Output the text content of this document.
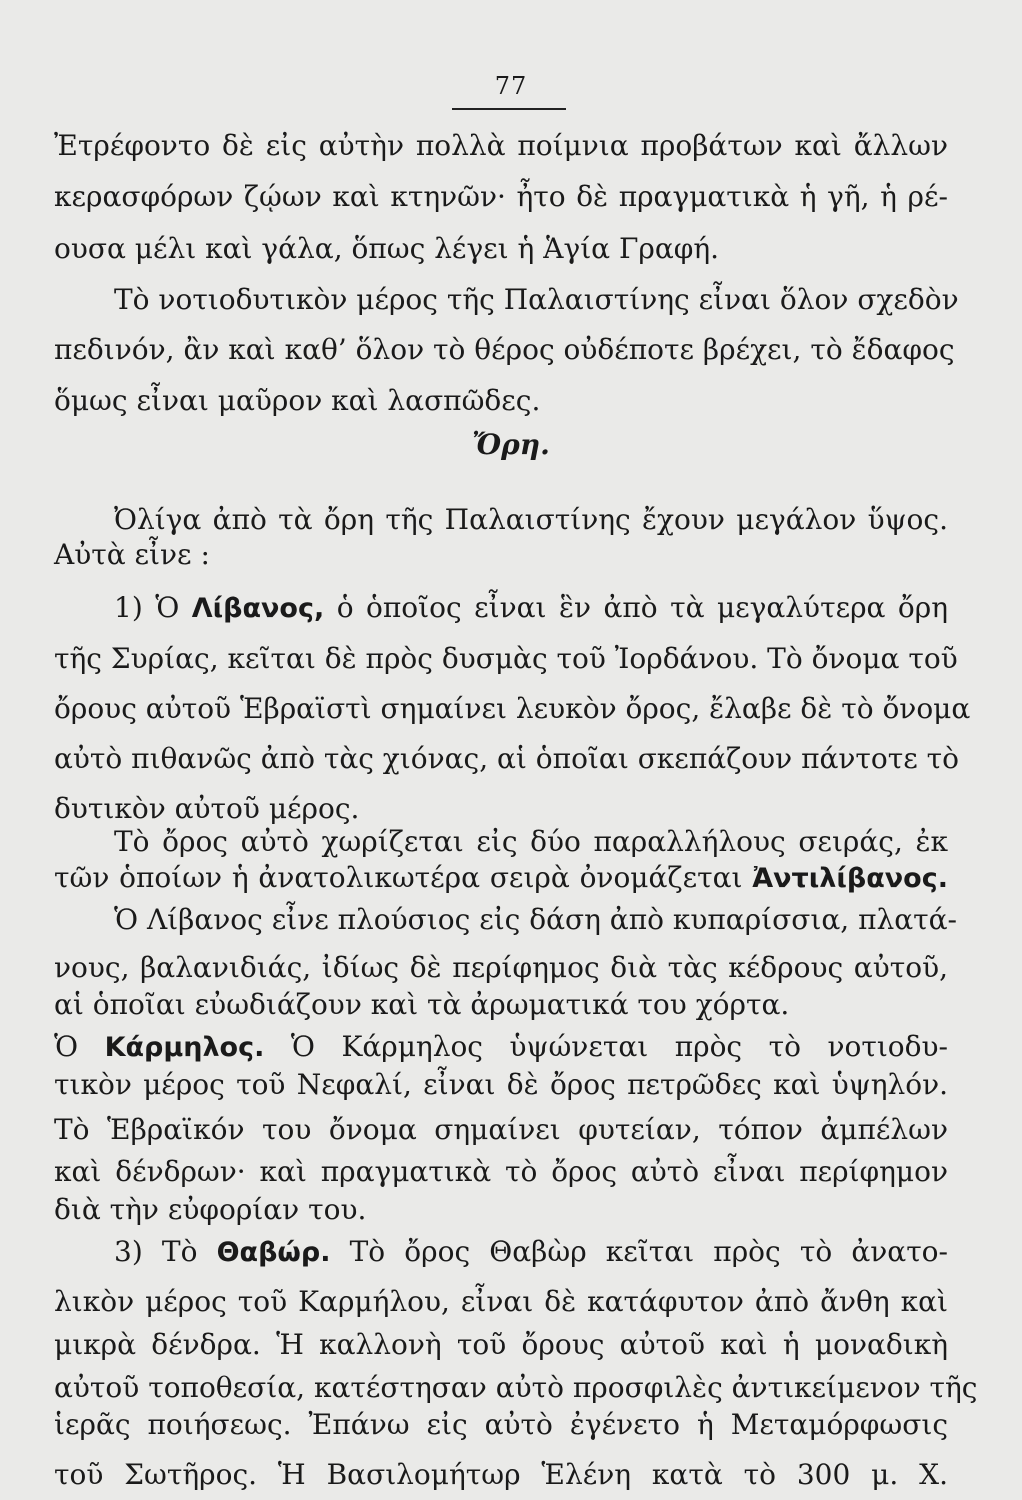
77
Ὄρη.
Ἐτρέφοντο δὲ εἰς αὐτὴν πολλὰ ποίμνια προβάτων καὶ ἄλλων
κερασφόρων ζῴων καὶ κτηνῶν· ἦτο δὲ πραγματικὰ ἡ γῆ, ἡ ρέ-
ουσα μέλι καὶ γάλα, ὅπως λέγει ἡ Ἁγία Γραφή.
Τὸ νοτιοδυτικὸν μέρος τῆς Παλαιστίνης εἶναι ὅλον σχεδὸν
πεδινόν, ἂν καὶ καθ’ ὅλον τὸ θέρος οὐδέποτε βρέχει, τὸ ἔδαφος
ὅμως εἶναι μαῦρον καὶ λασπῶδες.
Ὀλίγα ἀπὸ τὰ ὄρη τῆς Παλαιστίνης ἔχουν μεγάλον ὕψος.
Αὐτὰ εἶνε :
1) Ὁ Λίβανος, ὁ ὁποῖος εἶναι ἓν ἀπὸ τὰ μεγαλύτερα ὄρη
τῆς Συρίας, κεῖται δὲ πρὸς δυσμὰς τοῦ Ἰορδάνου. Τὸ ὄνομα τοῦ
ὄρους αὐτοῦ Ἑβραϊστὶ σημαίνει λευκὸν ὄρος, ἔλαβε δὲ τὸ ὄνομα
αὐτὸ πιθανῶς ἀπὸ τὰς χιόνας, αἱ ὁποῖαι σκεπάζουν πάντοτε τὸ
δυτικὸν αὐτοῦ μέρος.
Τὸ ὄρος αὐτὸ χωρίζεται εἰς δύο παραλλήλους σειράς, ἐκ
τῶν ὁποίων ἡ ἀνατολικωτέρα σειρὰ ὀνομάζεται Ἀντιλίβανος.
Ὁ Λίβανος εἶνε πλούσιος εἰς δάση ἀπὸ κυπαρίσσια, πλατά-
νους, βαλανιδιάς, ἰδίως δὲ περίφημος διὰ τὰς κέδρους αὐτοῦ,
αἱ ὁποῖαι εὐωδιάζουν καὶ τὰ ἀρωματικά του χόρτα.
Ὁ Κάρμηλος. Ὁ Κάρμηλος ὑψώνεται πρὸς τὸ νοτιοδυ-
τικὸν μέρος τοῦ Νεφαλί, εἶναι δὲ ὄρος πετρῶδες καὶ ὑψηλόν.
Τὸ Ἑβραϊκόν του ὄνομα σημαίνει φυτείαν, τόπον ἀμπέλων
καὶ δένδρων· καὶ πραγματικὰ τὸ ὄρος αὐτὸ εἶναι περίφημον
διὰ τὴν εὐφορίαν του.
3) Τὸ Θαβώρ. Τὸ ὄρος Θαβὼρ κεῖται πρὸς τὸ ἀνατο-
λικὸν μέρος τοῦ Καρμήλου, εἶναι δὲ κατάφυτον ἀπὸ ἄνθη καὶ
μικρὰ δένδρα. Ἡ καλλονὴ τοῦ ὄρους αὐτοῦ καὶ ἡ μοναδικὴ
αὐτοῦ τοποθεσία, κατέστησαν αὐτὸ προσφιλὲς ἀντικείμενον τῆς
ἱερᾶς ποιήσεως. Ἐπάνω εἰς αὐτὸ ἐγένετο ἡ Μεταμόρφωσις
τοῦ Σωτῆρος. Ἡ Βασιλομήτωρ Ἑλένη κατὰ τὸ 300 μ. Χ.
